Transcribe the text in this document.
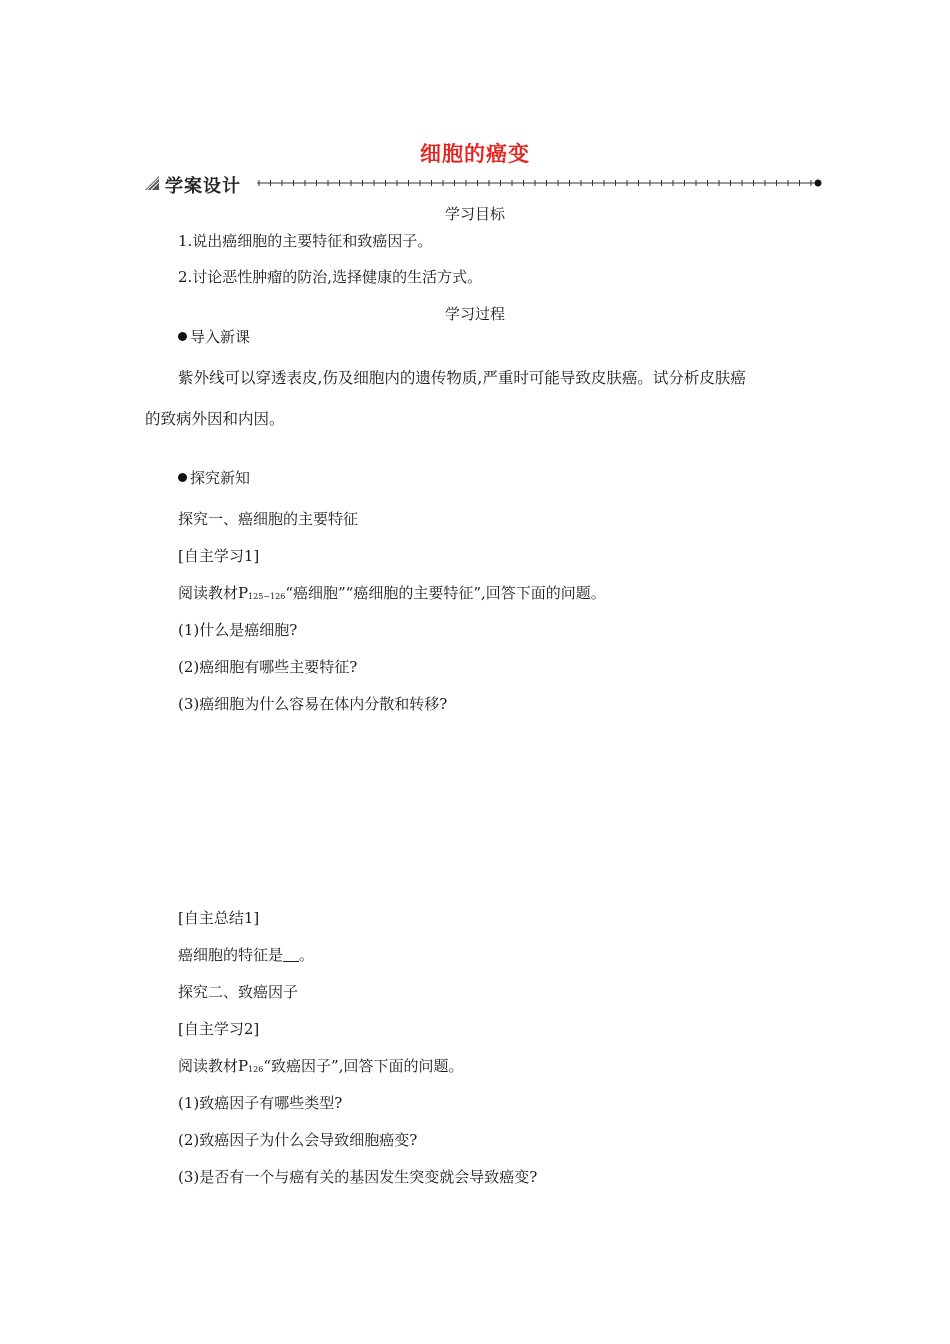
细胞的癌变
学案设计
学习目标
1.说出癌细胞的主要特征和致癌因子。
2.讨论恶性肿瘤的防治,选择健康的生活方式。
学习过程
导入新课
紫外线可以穿透表皮,伤及细胞内的遗传物质,严重时可能导致皮肤癌。试分析皮肤癌
的致病外因和内因。
探究新知
探究一、癌细胞的主要特征
[自主学习1]
阅读教材$P_{125\sim 126}“$癌细胞”“癌细胞的主要特征”,回答下面的问题。
(1)什么是癌细胞?
(2)癌细胞有哪些主要特征?
(3)癌细胞为什么容易在体内分散和转移?
[自主总结1]
癌细胞的特征是 。
探究二、致癌因子
[自主学习2]
阅读教材$P_{126}“$致癌因子”,回答下面的问题。
(1)致癌因子有哪些类型?
(2)致癌因子为什么会导致细胞癌变?
(3)是否有一个与癌有关的基因发生突变就会导致癌变?
